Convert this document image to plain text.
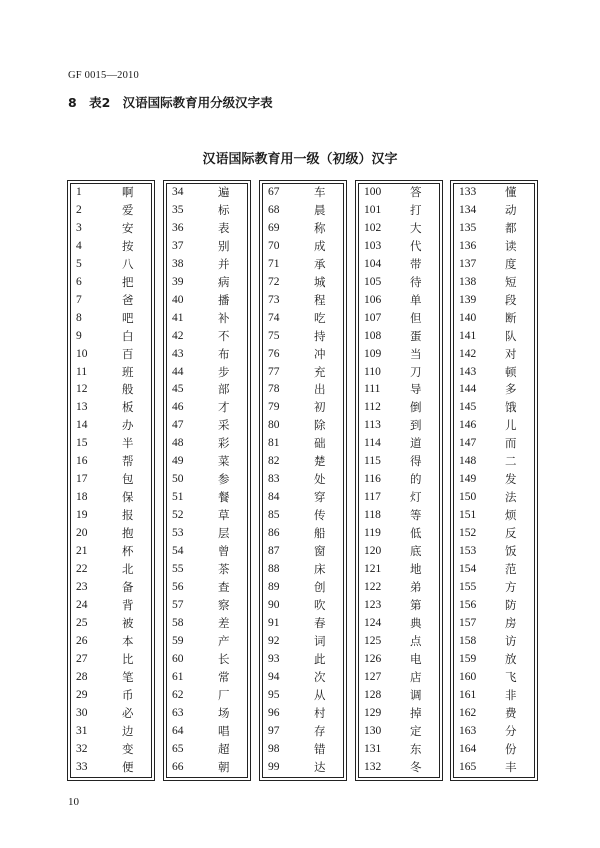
GF 0015—2010
8 表2 汉语国际教育用分级汉字表
汉语国际教育用一级（初级）汉字
1	啊
2	爱
3	安
4	按
5	八
6	把
7	爸
8	吧
9	白
10	百
11	班
12	般
13	板
14	办
15	半
16	帮
17	包
18	保
19	报
20	抱
21	杯
22	北
23	备
24	背
25	被
26	本
27	比
28	笔
29	币
30	必
31	边
32	变
33	便
34	遍
35	标
36	表
37	别
38	并
39	病
40	播
41	补
42	不
43	布
44	步
45	部
46	才
47	采
48	彩
49	菜
50	参
51	餐
52	草
53	层
54	曾
55	茶
56	查
57	察
58	差
59	产
60	长
61	常
62	厂
63	场
64	唱
65	超
66	朝
67	车
68	晨
69	称
70	成
71	承
72	城
73	程
74	吃
75	持
76	冲
77	充
78	出
79	初
80	除
81	础
82	楚
83	处
84	穿
85	传
86	船
87	窗
88	床
89	创
90	吹
91	春
92	词
93	此
94	次
95	从
96	村
97	存
98	错
99	达
100	答
101	打
102	大
103	代
104	带
105	待
106	单
107	但
108	蛋
109	当
110	刀
111	导
112	倒
113	到
114	道
115	得
116	的
117	灯
118	等
119	低
120	底
121	地
122	弟
123	第
124	典
125	点
126	电
127	店
128	调
129	掉
130	定
131	东
132	冬
133	懂
134	动
135	都
136	读
137	度
138	短
139	段
140	断
141	队
142	对
143	顿
144	多
145	饿
146	儿
147	而
148	二
149	发
150	法
151	烦
152	反
153	饭
154	范
155	方
156	防
157	房
158	访
159	放
160	飞
161	非
162	费
163	分
164	份
165	丰
10
